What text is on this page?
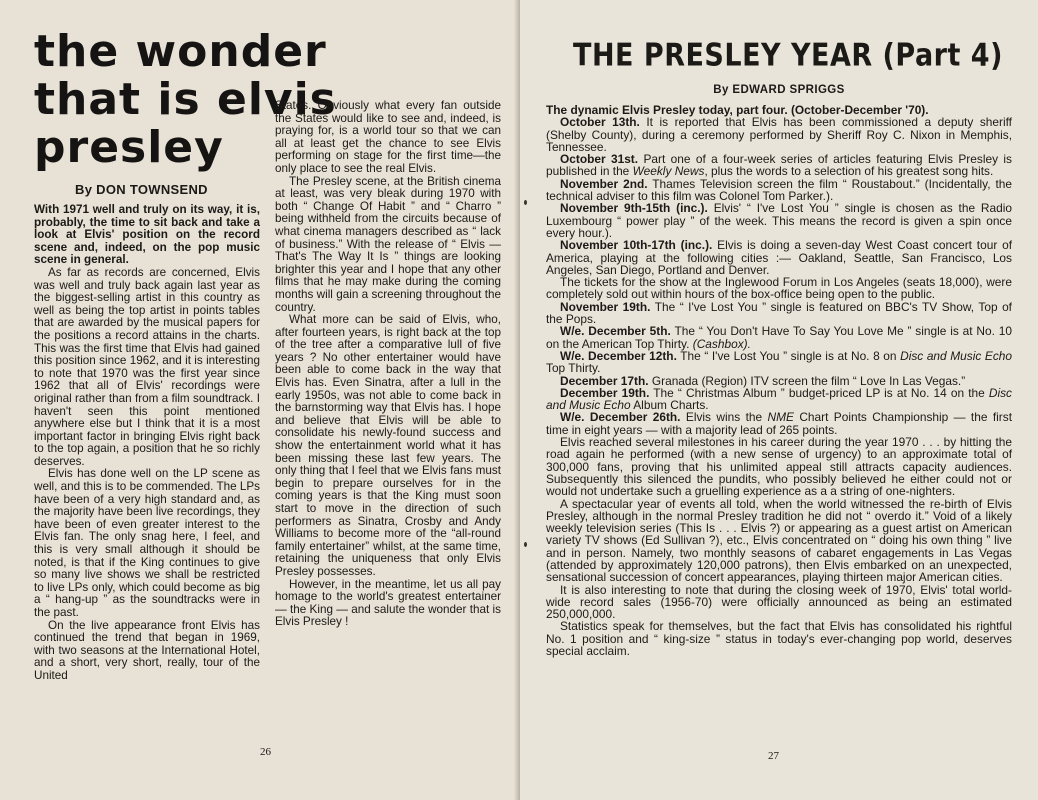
the wonder that is elvis presley
By DON TOWNSEND

With 1971 well and truly on its way, it is, probably, the time to sit back and take a look at Elvis' position on the record scene and, indeed, on the pop music scene in general.

As far as records are concerned, Elvis was well and truly back again last year as the biggest-selling artist in this country as well as being the top artist in points tables that are awarded by the musical papers for the positions a record attains in the charts. This was the first time that Elvis had gained this position since 1962, and it is interesting to note that 1970 was the first year since 1962 that all of Elvis' recordings were original rather than from a film soundtrack. I haven't seen this point mentioned anywhere else but I think that it is a most important factor in bringing Elvis right back to the top again, a position that he so richly deserves.

Elvis has done well on the LP scene as well, and this is to be commended. The LPs have been of a very high standard and, as the majority have been live recordings, they have been of even greater interest to the Elvis fan. The only snag here, I feel, and this is very small although it should be noted, is that if the King continues to give so many live shows we shall be restricted to live LPs only, which could become as big a “ hang-up ” as the soundtracks were in the past.

On the live appearance front Elvis has continued the trend that began in 1969, with two seasons at the International Hotel, and a short, very short, really, tour of the United

States. Obviously what every fan outside the States would like to see and, indeed, is praying for, is a world tour so that we can all at least get the chance to see Elvis performing on stage for the first time—the only place to see the real Elvis.

The Presley scene, at the British cinema at least, was very bleak during 1970 with both “ Change Of Habit ” and “ Charro ” being withheld from the circuits because of what cinema managers described as “ lack of business.” With the release of “ Elvis — That's The Way It Is ” things are looking brighter this year and I hope that any other films that he may make during the coming months will gain a screening throughout the country.

What more can be said of Elvis, who, after fourteen years, is right back at the top of the tree after a comparative lull of five years ? No other entertainer would have been able to come back in the way that Elvis has. Even Sinatra, after a lull in the early 1950s, was not able to come back in the barnstorming way that Elvis has. I hope and believe that Elvis will be able to consolidate his newly-found success and show the entertainment world what it has been missing these last few years. The only thing that I feel that we Elvis fans must begin to prepare ourselves for in the coming years is that the King must soon start to move in the direction of such performers as Sinatra, Crosby and Andy Williams to become more of the “all-round family entertainer” whilst, at the same time, retaining the uniqueness that only Elvis Presley possesses.

However, in the meantime, let us all pay homage to the world's greatest entertainer — the King — and salute the wonder that is Elvis Presley !

26
THE PRESLEY YEAR (Part 4)
By EDWARD SPRIGGS

The dynamic Elvis Presley today, part four. (October-December '70).

October 13th. It is reported that Elvis has been commissioned a deputy sheriff (Shelby County), during a ceremony performed by Sheriff Roy C. Nixon in Memphis, Tennessee.

October 31st. Part one of a four-week series of articles featuring Elvis Presley is published in the Weekly News, plus the words to a selection of his greatest song hits.

November 2nd. Thames Television screen the film “ Roustabout.” (Incidentally, the technical adviser to this film was Colonel Tom Parker.).

November 9th-15th (inc.). Elvis' “ I've Lost You ” single is chosen as the Radio Luxembourg “ power play ” of the week. This means the record is given a spin once every hour.).

November 10th-17th (inc.). Elvis is doing a seven-day West Coast concert tour of America, playing at the following cities :— Oakland, Seattle, San Francisco, Los Angeles, San Diego, Portland and Denver.

The tickets for the show at the Inglewood Forum in Los Angeles (seats 18,000), were completely sold out within hours of the box-office being open to the public.

November 19th. The “ I've Lost You ” single is featured on BBC's TV Show, Top of the Pops.

W/e. December 5th. The “ You Don't Have To Say You Love Me ” single is at No. 10 on the American Top Thirty. (Cashbox).

W/e. December 12th. The “ I've Lost You ” single is at No. 8 on Disc and Music Echo Top Thirty.

December 17th. Granada (Region) ITV screen the film “ Love In Las Vegas.”

December 19th. The “ Christmas Album ” budget-priced LP is at No. 14 on the Disc and Music Echo Album Charts.

W/e. December 26th. Elvis wins the NME Chart Points Championship — the first time in eight years — with a majority lead of 265 points.

Elvis reached several milestones in his career during the year 1970 . . . by hitting the road again he performed (with a new sense of urgency) to an approximate total of 300,000 fans, proving that his unlimited appeal still attracts capacity audiences. Subsequently this silenced the pundits, who possibly believed he either could not or would not undertake such a gruelling experience as a a string of one-nighters.

A spectacular year of events all told, when the world witnessed the re-birth of Elvis Presley, although in the normal Presley tradition he did not “ overdo it.” Void of a likely weekly television series (This Is . . . Elvis ?) or appearing as a guest artist on American variety TV shows (Ed Sullivan ?), etc., Elvis concentrated on “ doing his own thing ” live and in person. Namely, two monthly seasons of cabaret engagements in Las Vegas (attended by approximately 120,000 patrons), then Elvis embarked on an unexpected, sensational succession of concert appearances, playing thirteen major American cities.

It is also interesting to note that during the closing week of 1970, Elvis' total world-wide record sales (1956-70) were officially announced as being an estimated 250,000,000.

Statistics speak for themselves, but the fact that Elvis has consolidated his rightful No. 1 position and “ king-size ” status in today's ever-changing pop world, deserves special acclaim.

27
